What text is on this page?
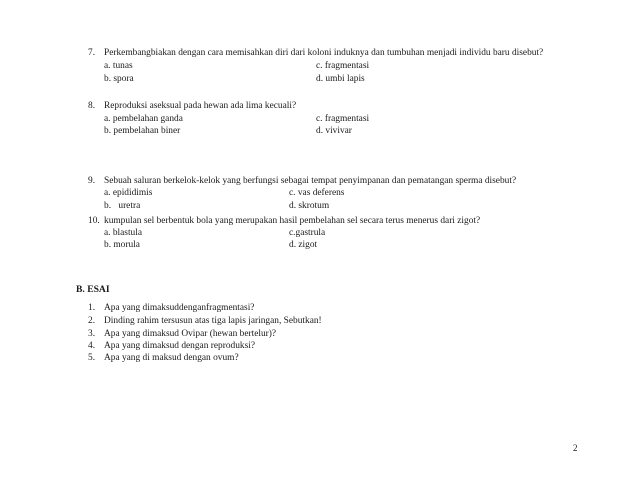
7. Perkembangbiakan dengan cara memisahkan diri dari koloni induknya dan tumbuhan menjadi individu baru disebut?
a. tunas	c. fragmentasi
b. spora	d. umbi lapis
8. Reproduksi aseksual pada hewan ada lima kecuali?
a. pembelahan ganda	c. fragmentasi
b. pembelahan biner	d. vivivar
9. Sebuah saluran berkelok-kelok yang berfungsi sebagai tempat penyimpanan dan pematangan sperma disebut?
a. epididimis	c. vas deferens
b. uretra	d. skrotum
10. kumpulan sel berbentuk bola yang merupakan hasil pembelahan sel secara terus menerus dari zigot?
a. blastula	c.gastrula
b. morula	d. zigot
B. ESAI
1. Apa yang dimaksuddenganfragmentasi?
2. Dinding rahim tersusun atas tiga lapis jaringan, Sebutkan!
3. Apa yang dimaksud Ovipar (hewan bertelur)?
4. Apa yang dimaksud dengan reproduksi?
5. Apa yang di maksud dengan ovum?
2
